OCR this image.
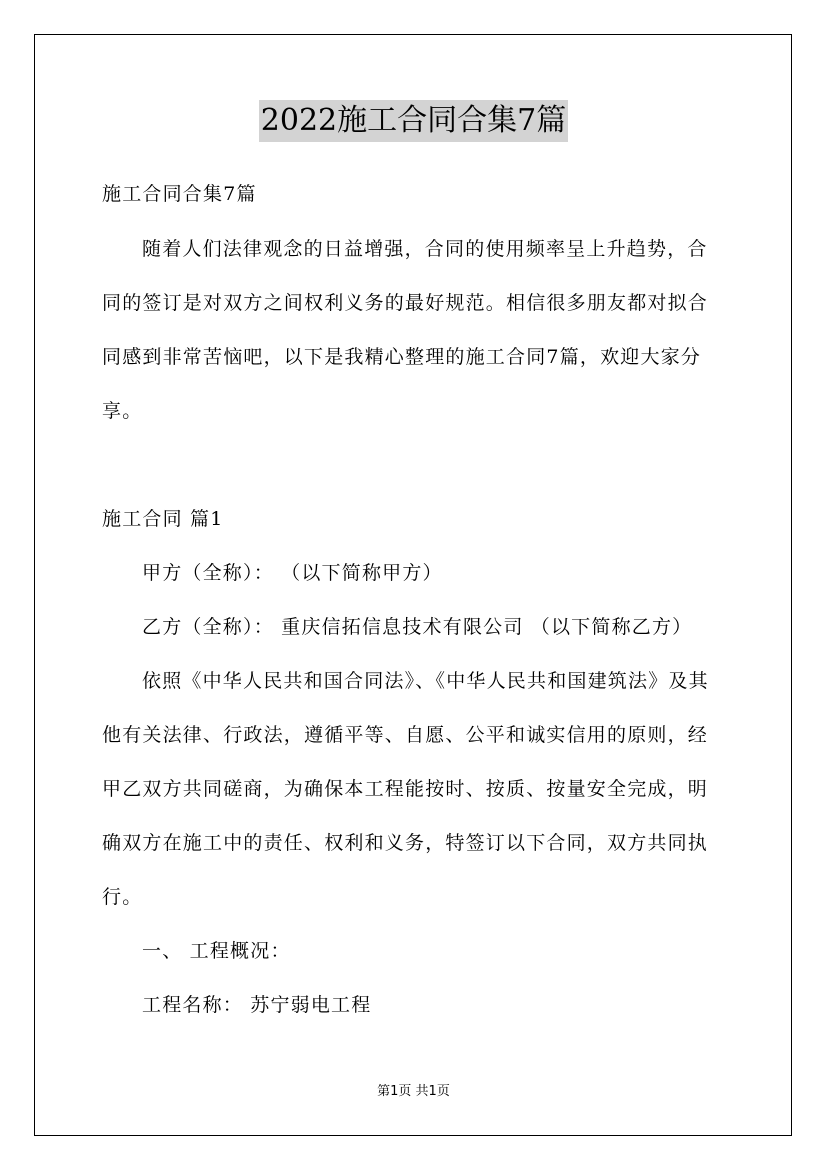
2022施工合同合集7篇
施工合同合集7篇
随着人们法律观念的日益增强，合同的使用频率呈上升趋势，合
同的签订是对双方之间权利义务的最好规范。相信很多朋友都对拟合
同感到非常苦恼吧，以下是我精心整理的施工合同7篇，欢迎大家分
享。
施工合同 篇1
甲方（全称）： （以下简称甲方）
乙方（全称）： 重庆信拓信息技术有限公司 （以下简称乙方）
依照《中华人民共和国合同法》、《中华人民共和国建筑法》及其
他有关法律、行政法，遵循平等、自愿、公平和诚实信用的原则，经
甲乙双方共同磋商，为确保本工程能按时、按质、按量安全完成，明
确双方在施工中的责任、权利和义务，特签订以下合同，双方共同执
行。
一、 工程概况：
工程名称： 苏宁弱电工程
第1页 共1页
